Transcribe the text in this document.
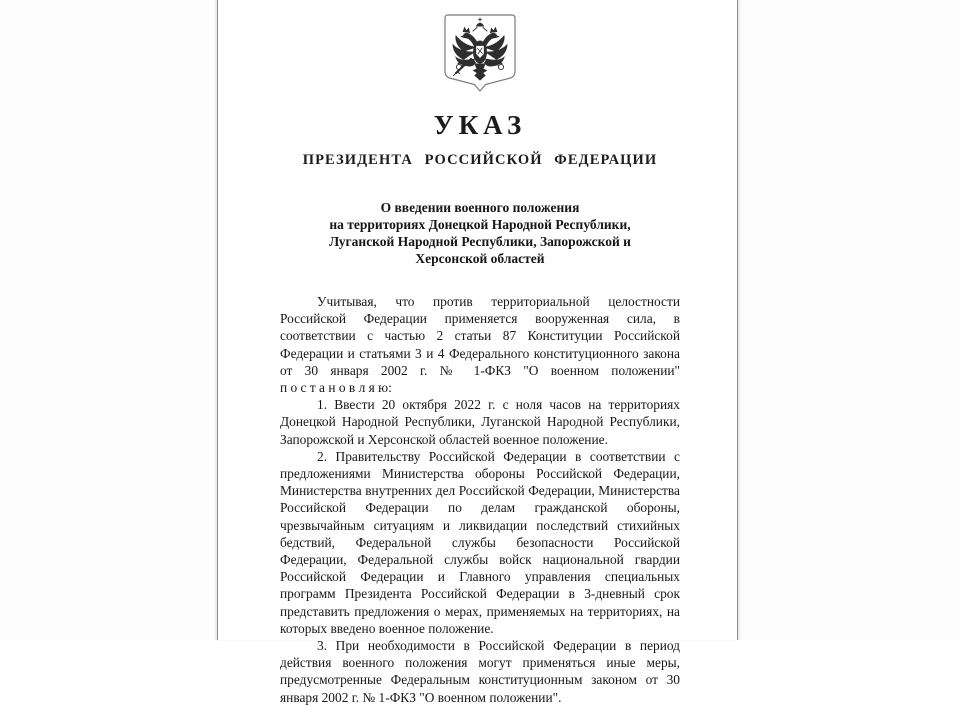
УКАЗ
ПРЕЗИДЕНТА РОССИЙСКОЙ ФЕДЕРАЦИИ
О введении военного положения
на территориях Донецкой Народной Республики,
Луганской Народной Республики, Запорожской и
Херсонской областей

Учитывая, что против территориальной целостности Российской Федерации применяется вооруженная сила, в соответствии с частью 2 статьи 87 Конституции Российской Федерации и статьями 3 и 4 Федерального конституционного закона от 30 января 2002 г. № 1-ФКЗ "О военном положении" п о с т а н о в л я ю:

1. Ввести 20 октября 2022 г. с ноля часов на территориях Донецкой Народной Республики, Луганской Народной Республики, Запорожской и Херсонской областей военное положение.

2. Правительству Российской Федерации в соответствии с предложениями Министерства обороны Российской Федерации, Министерства внутренних дел Российской Федерации, Министерства Российской Федерации по делам гражданской обороны, чрезвычайным ситуациям и ликвидации последствий стихийных бедствий, Федеральной службы безопасности Российской Федерации, Федеральной службы войск национальной гвардии Российской Федерации и Главного управления специальных программ Президента Российской Федерации в 3-дневный срок представить предложения о мерах, применяемых на территориях, на которых введено военное положение.

3. При необходимости в Российской Федерации в период действия военного положения могут применяться иные меры, предусмотренные Федеральным конституционным законом от 30 января 2002 г. № 1-ФКЗ "О военном положении".
